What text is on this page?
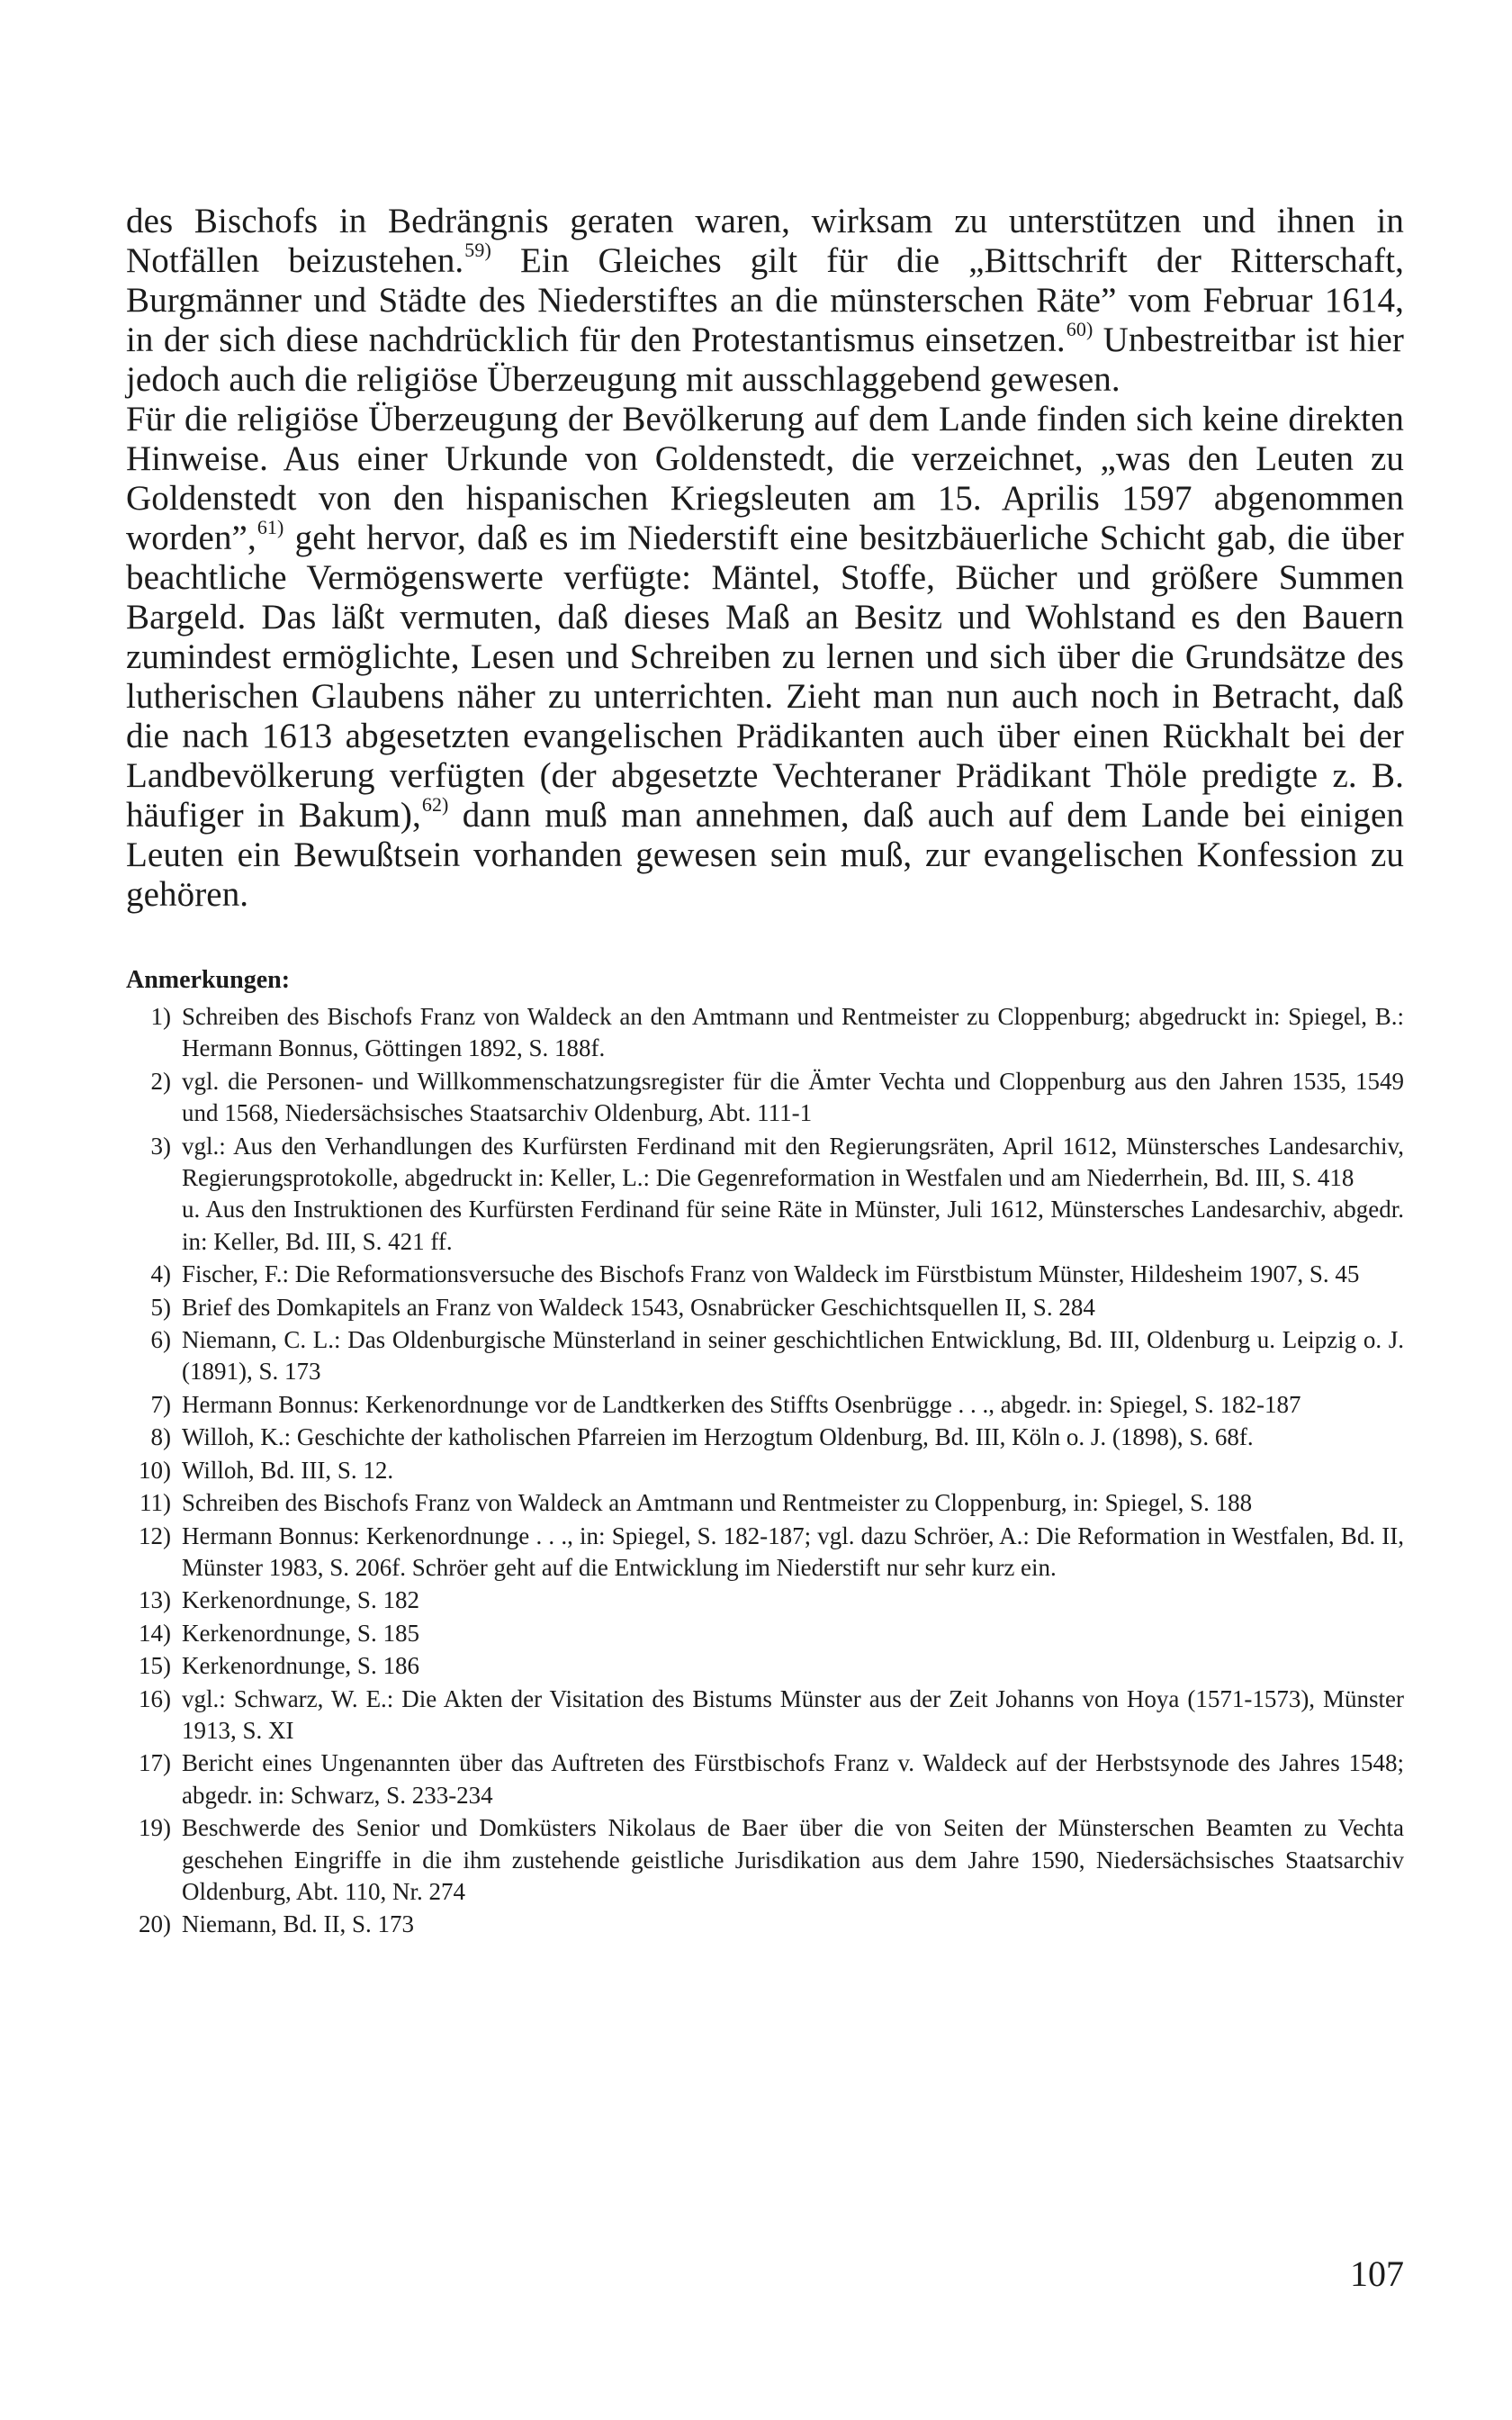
des Bischofs in Bedrängnis geraten waren, wirksam zu unterstützen und ihnen in Notfällen beizustehen.$^{59)}$ Ein Gleiches gilt für die „Bittschrift der Ritterschaft, Burgmänner und Städte des Niederstiftes an die münsterschen Räte” vom Februar 1614, in der sich diese nachdrücklich für den Protestantismus einsetzen.$^{60)}$ Unbestreitbar ist hier jedoch auch die religiöse Überzeugung mit ausschlaggebend gewesen.

Für die religiöse Überzeugung der Bevölkerung auf dem Lande finden sich keine direkten Hinweise. Aus einer Urkunde von Goldenstedt, die verzeichnet, „was den Leuten zu Goldenstedt von den hispanischen Kriegsleuten am 15. Aprilis 1597 abgenommen worden”,$^{61)}$ geht hervor, daß es im Niederstift eine besitzbäuerliche Schicht gab, die über beachtliche Vermögenswerte verfügte: Mäntel, Stoffe, Bücher und größere Summen Bargeld. Das läßt vermuten, daß dieses Maß an Besitz und Wohlstand es den Bauern zumindest ermöglichte, Lesen und Schreiben zu lernen und sich über die Grundsätze des lutherischen Glaubens näher zu unterrichten. Zieht man nun auch noch in Betracht, daß die nach 1613 abgesetzten evangelischen Prädikanten auch über einen Rückhalt bei der Landbevölkerung verfügten (der abgesetzte Vechteraner Prädikant Thöle predigte z. B. häufiger in Bakum),$^{62)}$ dann muß man annehmen, daß auch auf dem Lande bei einigen Leuten ein Bewußtsein vorhanden gewesen sein muß, zur evangelischen Konfession zu gehören.

Anmerkungen:
1) Schreiben des Bischofs Franz von Waldeck an den Amtmann und Rentmeister zu Cloppenburg; abgedruckt in: Spiegel, B.: Hermann Bonnus, Göttingen 1892, S. 188f.
2) vgl. die Personen- und Willkommenschatzungsregister für die Ämter Vechta und Cloppenburg aus den Jahren 1535, 1549 und 1568, Niedersächsisches Staatsarchiv Oldenburg, Abt. 111-1
3) vgl.: Aus den Verhandlungen des Kurfürsten Ferdinand mit den Regierungsräten, April 1612, Münstersches Landesarchiv, Regierungsprotokolle, abgedruckt in: Keller, L.: Die Gegenreformation in Westfalen und am Niederrhein, Bd. III, S. 418
u. Aus den Instruktionen des Kurfürsten Ferdinand für seine Räte in Münster, Juli 1612, Münstersches Landesarchiv, abgedr. in: Keller, Bd. III, S. 421 ff.
4) Fischer, F.: Die Reformationsversuche des Bischofs Franz von Waldeck im Fürstbistum Münster, Hildesheim 1907, S. 45
5) Brief des Domkapitels an Franz von Waldeck 1543, Osnabrücker Geschichtsquellen II, S. 284
6) Niemann, C. L.: Das Oldenburgische Münsterland in seiner geschichtlichen Entwicklung, Bd. III, Oldenburg u. Leipzig o. J. (1891), S. 173
7) Hermann Bonnus: Kerkenordnunge vor de Landtkerken des Stiffts Osenbrügge . . ., abgedr. in: Spiegel, S. 182-187
8) Willoh, K.: Geschichte der katholischen Pfarreien im Herzogtum Oldenburg, Bd. III, Köln o. J. (1898), S. 68f.
10) Willoh, Bd. III, S. 12.
11) Schreiben des Bischofs Franz von Waldeck an Amtmann und Rentmeister zu Cloppenburg, in: Spiegel, S. 188
12) Hermann Bonnus: Kerkenordnunge . . ., in: Spiegel, S. 182-187; vgl. dazu Schröer, A.: Die Reformation in Westfalen, Bd. II, Münster 1983, S. 206f. Schröer geht auf die Entwicklung im Niederstift nur sehr kurz ein.
13) Kerkenordnunge, S. 182
14) Kerkenordnunge, S. 185
15) Kerkenordnunge, S. 186
16) vgl.: Schwarz, W. E.: Die Akten der Visitation des Bistums Münster aus der Zeit Johanns von Hoya (1571-1573), Münster 1913, S. XI
17) Bericht eines Ungenannten über das Auftreten des Fürstbischofs Franz v. Waldeck auf der Herbstsynode des Jahres 1548; abgedr. in: Schwarz, S. 233-234
19) Beschwerde des Senior und Domküsters Nikolaus de Baer über die von Seiten der Münsterschen Beamten zu Vechta geschehen Eingriffe in die ihm zustehende geistliche Jurisdikation aus dem Jahre 1590, Niedersächsisches Staatsarchiv Oldenburg, Abt. 110, Nr. 274
20) Niemann, Bd. II, S. 173
107
